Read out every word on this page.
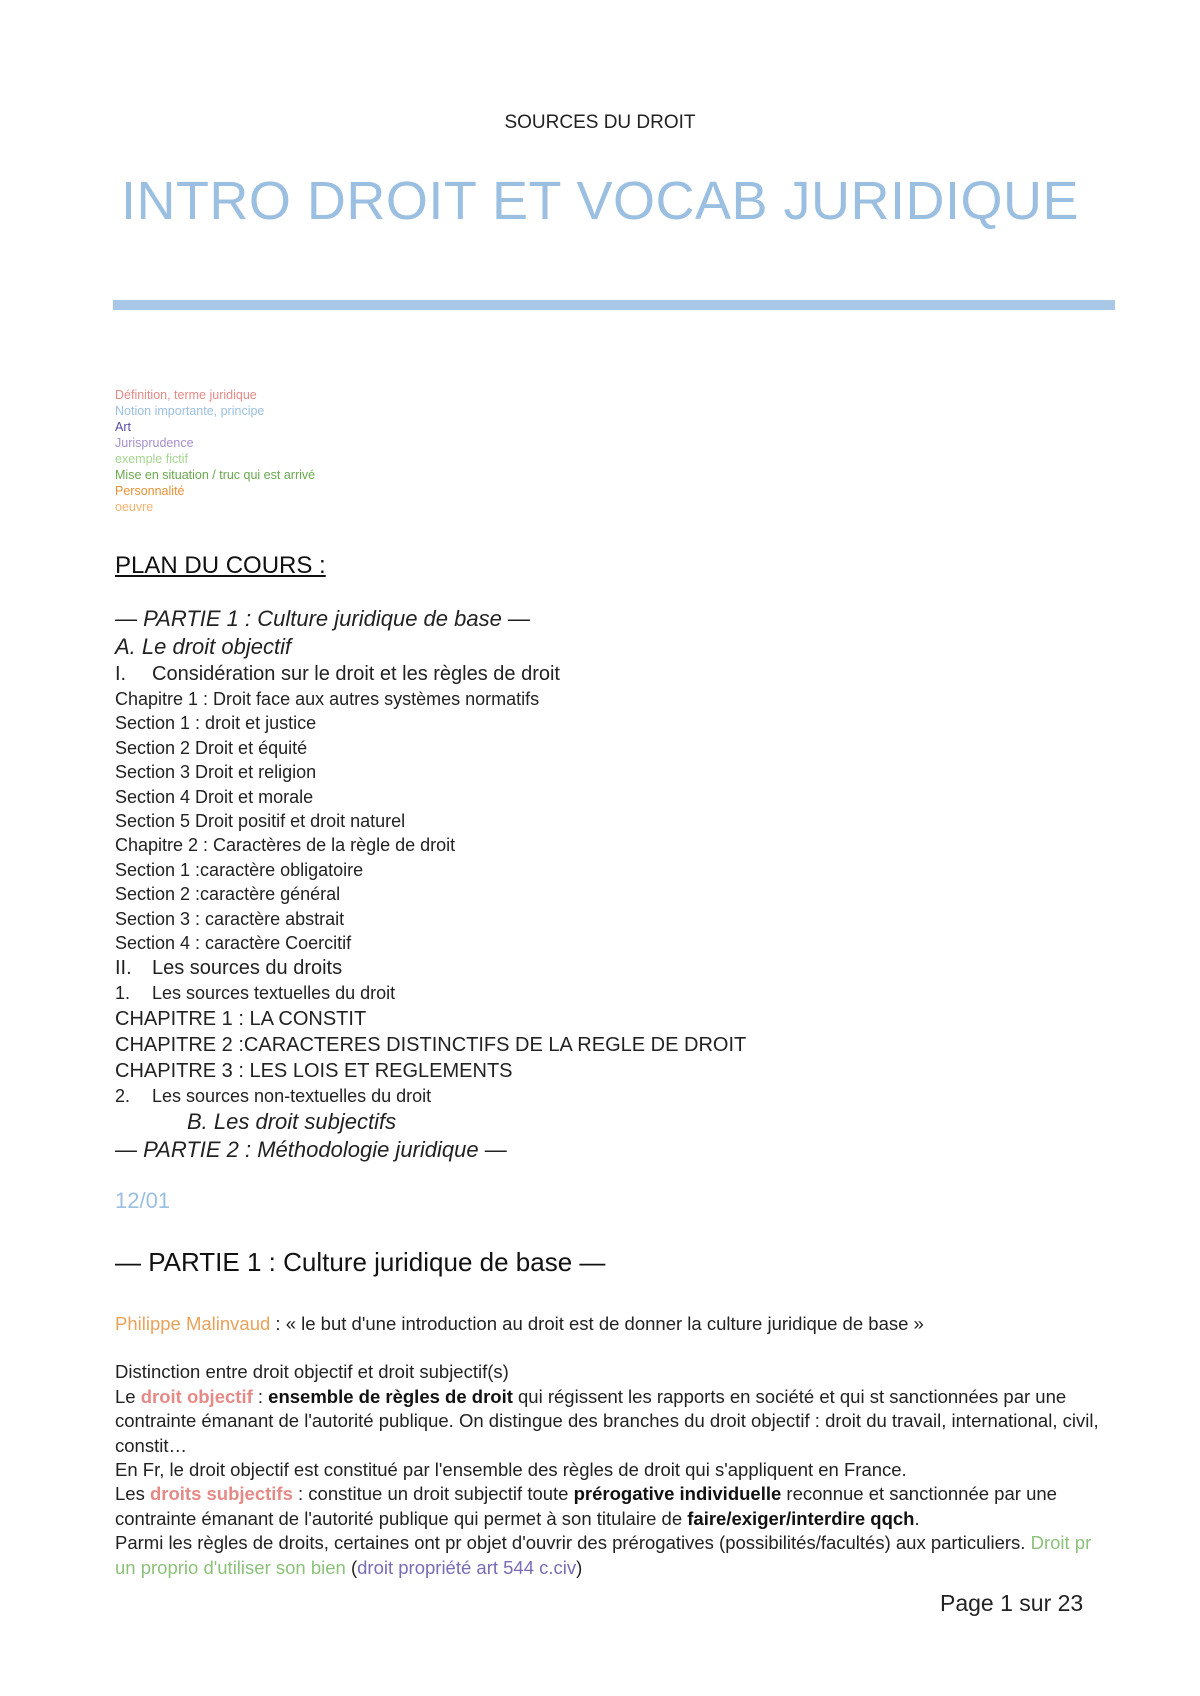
SOURCES DU DROIT
INTRO DROIT ET VOCAB JURIDIQUE
Définition, terme juridique
Notion importante, principe
Art
Jurisprudence
exemple fictif
Mise en situation / truc qui est arrivé
Personnalité
oeuvre
PLAN DU COURS :
— PARTIE 1 : Culture juridique de base —
A. Le droit objectif
I. Considération sur le droit et les règles de droit
Chapitre 1 : Droit face aux autres systèmes normatifs
Section 1 : droit et justice
Section 2 Droit et équité
Section 3 Droit et religion
Section 4 Droit et morale
Section 5 Droit positif et droit naturel
Chapitre 2 : Caractères de la règle de droit
Section 1 :caractère obligatoire
Section 2 :caractère général
Section 3 : caractère abstrait
Section 4 : caractère Coercitif
II. Les sources du droits
1. Les sources textuelles du droit
CHAPITRE 1 : LA CONSTIT
CHAPITRE 2 :CARACTERES DISTINCTIFS DE LA REGLE DE DROIT
CHAPITRE 3 : LES LOIS ET REGLEMENTS
2. Les sources non-textuelles du droit
B. Les droit subjectifs
— PARTIE 2 : Méthodologie juridique —
12/01
— PARTIE 1 : Culture juridique de base —

Philippe Malinvaud : « le but d'une introduction au droit est de donner la culture juridique de base »

Distinction entre droit objectif et droit subjectif(s)

Le droit objectif : ensemble de règles de droit qui régissent les rapports en société et qui st sanctionnées par une contrainte émanant de l'autorité publique. On distingue des branches du droit objectif : droit du travail, international, civil, constit…

En Fr, le droit objectif est constitué par l'ensemble des règles de droit qui s'appliquent en France.

Les droits subjectifs : constitue un droit subjectif toute prérogative individuelle reconnue et sanctionnée par une contrainte émanant de l'autorité publique qui permet à son titulaire de faire/exiger/interdire qqch.

Parmi les règles de droits, certaines ont pr objet d'ouvrir des prérogatives (possibilités/facultés) aux particuliers. Droit pr un proprio d'utiliser son bien (droit propriété art 544 c.civ)

Page 1 sur 23
